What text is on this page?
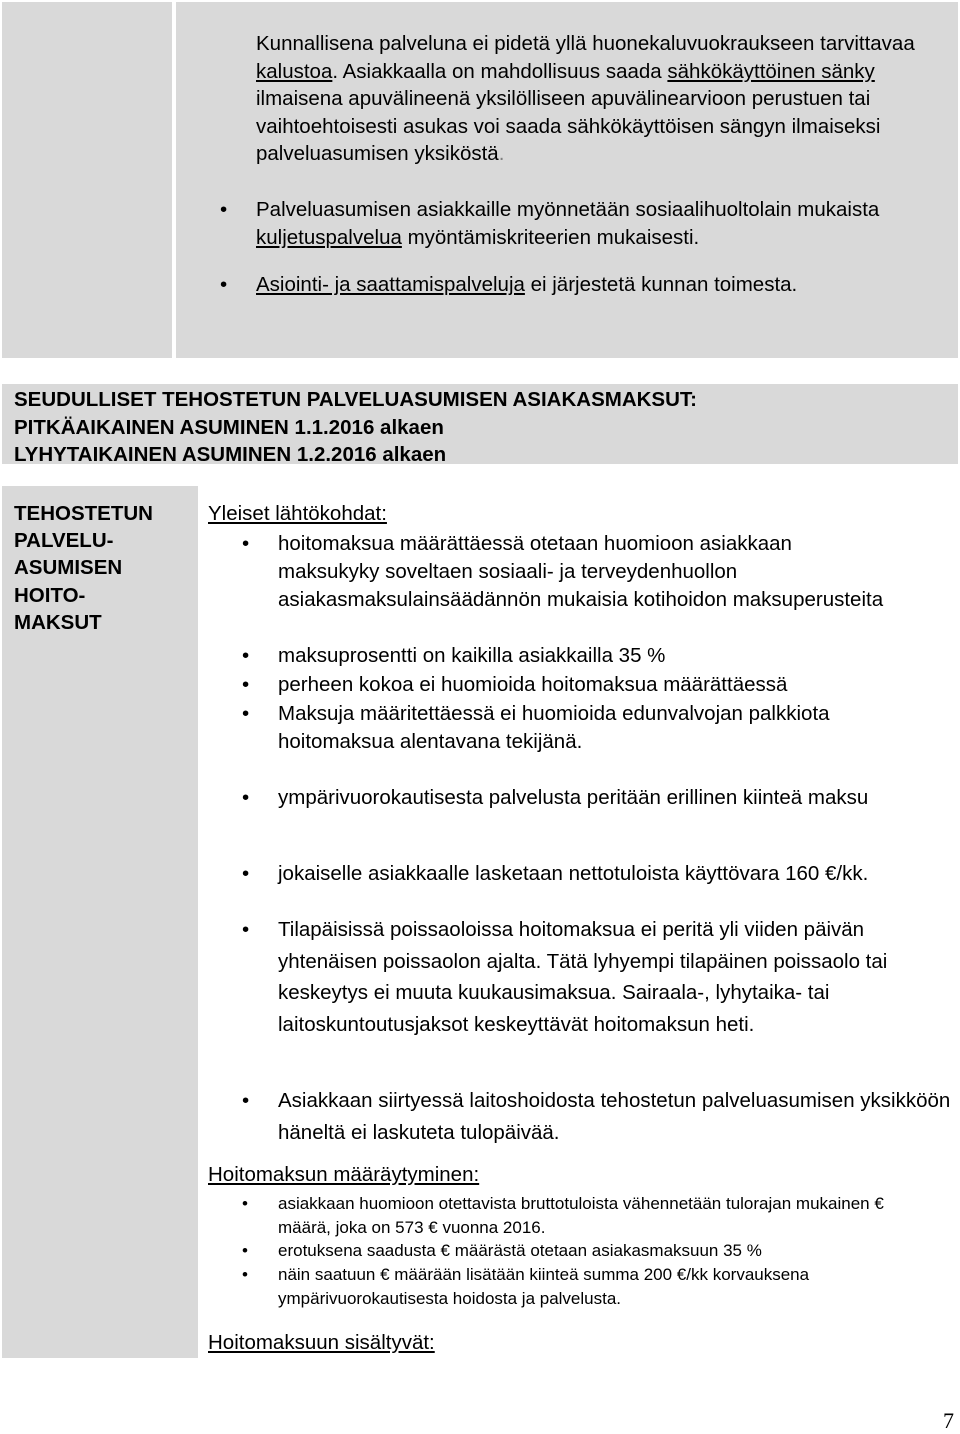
Kunnallisena palveluna ei pidetä yllä huonekaluvuokraukseen tarvittavaa kalustoa. Asiakkaalla on mahdollisuus saada sähkökäyttöinen sänky ilmaisena apuvälineenä yksilölliseen apuvälinearvioon perustuen tai vaihtoehtoisesti asukas voi saada sähkökäyttöisen sängyn ilmaiseksi palveluasumisen yksiköstä.

• Palveluasumisen asiakkaille myönnetään sosiaalihuoltolain mukaista kuljetuspalvelua myöntämiskriteerien mukaisesti.
• Asiointi- ja saattamispalveluja ei järjestetä kunnan toimesta.
SEUDULLISET TEHOSTETUN PALVELUASUMISEN ASIAKASMAKSUT:
PITKÄAIKAINEN ASUMINEN 1.1.2016 alkaen
LYHYTAIKAINEN ASUMINEN 1.2.2016 alkaen
TEHOSTETUN
PALVELU-
ASUMISEN
HOITO-
MAKSUT
Yleiset lähtökohdat:
• hoitomaksua määrättäessä otetaan huomioon asiakkaan maksukyky soveltaen sosiaali- ja terveydenhuollon asiakasmaksulainsäädännön mukaisia kotihoidon maksuperusteita
• maksuprosentti on kaikilla asiakkailla 35 %
• perheen kokoa ei huomioida hoitomaksua määrättäessä
• Maksuja määritettäessä ei huomioida edunvalvojan palkkiota hoitomaksua alentavana tekijänä.
• ympärivuorokautisesta palvelusta peritään erillinen kiinteä maksu
• jokaiselle asiakkaalle lasketaan nettotuloista käyttövara 160 €/kk.
• Tilapäisissä poissaoloissa hoitomaksua ei peritä yli viiden päivän yhtenäisen poissaolon ajalta. Tätä lyhyempi tilapäinen poissaolo tai keskeytys ei muuta kuukausimaksua. Sairaala-, lyhytaika- tai laitoskuntoutusjaksot keskeyttävät hoitomaksun heti.
• Asiakkaan siirtyessä laitoshoidosta tehostetun palveluasumisen yksikköön häneltä ei laskuteta tulopäivää.
Hoitomaksun määräytyminen:
• asiakkaan huomioon otettavista bruttotuloista vähennetään tulorajan mukainen € määrä, joka on 573 € vuonna 2016.
• erotuksena saadusta € määrästä otetaan asiakasmaksuun 35 %
• näin saatuun € määrään lisätään kiinteä summa 200 €/kk korvauksena ympärivuorokautisesta hoidosta ja palvelusta.
Hoitomaksuun sisältyvät:
7
